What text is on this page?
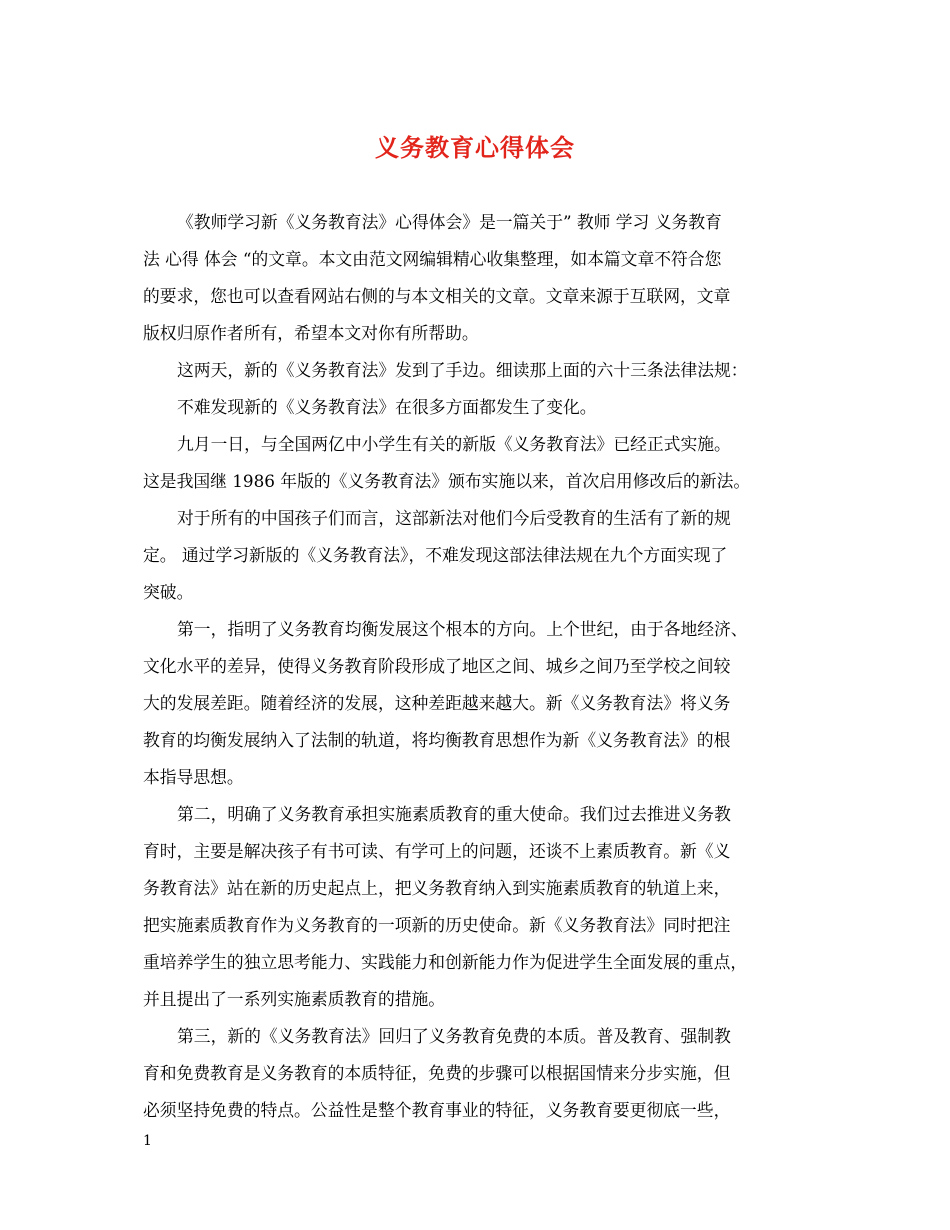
义务教育心得体会
《教师学习新《义务教育法》心得体会》是一篇关于” 教师 学习 义务教育
法 心得 体会 “的文章。本文由范文网编辑精心收集整理，如本篇文章不符合您
的要求，您也可以查看网站右侧的与本文相关的文章。文章来源于互联网，文章
版权归原作者所有，希望本文对你有所帮助。
这两天，新的《义务教育法》发到了手边。细读那上面的六十三条法律法规：
不难发现新的《义务教育法》在很多方面都发生了变化。
九月一日，与全国两亿中小学生有关的新版《义务教育法》已经正式实施。
这是我国继 1986 年版的《义务教育法》颁布实施以来，首次启用修改后的新法。
对于所有的中国孩子们而言，这部新法对他们今后受教育的生活有了新的规
定。 通过学习新版的《义务教育法》，不难发现这部法律法规在九个方面实现了
突破。
第一，指明了义务教育均衡发展这个根本的方向。上个世纪，由于各地经济、
文化水平的差异，使得义务教育阶段形成了地区之间、城乡之间乃至学校之间较
大的发展差距。随着经济的发展，这种差距越来越大。新《义务教育法》将义务
教育的均衡发展纳入了法制的轨道，将均衡教育思想作为新《义务教育法》的根
本指导思想。
第二，明确了义务教育承担实施素质教育的重大使命。我们过去推进义务教
育时，主要是解决孩子有书可读、有学可上的问题，还谈不上素质教育。新《义
务教育法》站在新的历史起点上，把义务教育纳入到实施素质教育的轨道上来，
把实施素质教育作为义务教育的一项新的历史使命。新《义务教育法》同时把注
重培养学生的独立思考能力、实践能力和创新能力作为促进学生全面发展的重点，
并且提出了一系列实施素质教育的措施。
第三，新的《义务教育法》回归了义务教育免费的本质。普及教育、强制教
育和免费教育是义务教育的本质特征，免费的步骤可以根据国情来分步实施，但
必须坚持免费的特点。公益性是整个教育事业的特征，义务教育要更彻底一些，
1
